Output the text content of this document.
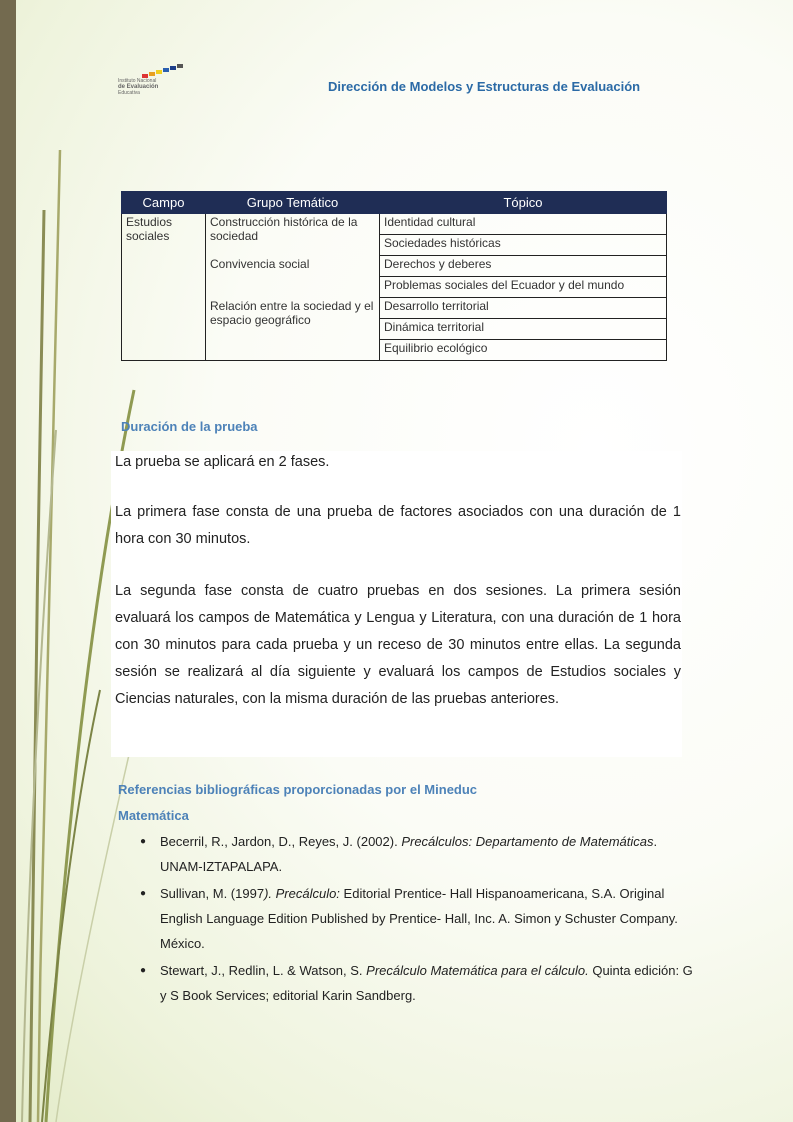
Instituto Nacional
de Evaluación
Educativa	Dirección de Modelos y Estructuras de Evaluación
Campo	Grupo Temático	Tópico
Estudios sociales	Construcción histórica de la sociedad	Identidad cultural
		Sociedades históricas
	Convivencia social	Derechos y deberes
		Problemas sociales del Ecuador y del mundo
	Relación entre la sociedad y el espacio geográfico	Desarrollo territorial
		Dinámica territorial
		Equilibrio ecológico
Duración de la prueba

La prueba se aplicará en 2 fases.

La primera fase consta de una prueba de factores asociados con una duración de 1 hora con 30 minutos.

La segunda fase consta de cuatro pruebas en dos sesiones. La primera sesión evaluará los campos de Matemática y Lengua y Literatura, con una duración de 1 hora con 30 minutos para cada prueba y un receso de 30 minutos entre ellas. La segunda sesión se realizará al día siguiente y evaluará los campos de Estudios sociales y Ciencias naturales, con la misma duración de las pruebas anteriores.

Referencias bibliográficas proporcionadas por el Mineduc
Matemática
● Becerril, R., Jardon, D., Reyes, J. (2002). Precálculos: Departamento de Matemáticas. UNAM-IZTAPALAPA.
● Sullivan, M. (1997). Precálculo: Editorial Prentice- Hall Hispanoamericana, S.A. Original English Language Edition Published by Prentice- Hall, Inc. A. Simon y Schuster Company. México.
● Stewart, J., Redlin, L. & Watson, S. Precálculo Matemática para el cálculo. Quinta edición: G y S Book Services; editorial Karin Sandberg.
